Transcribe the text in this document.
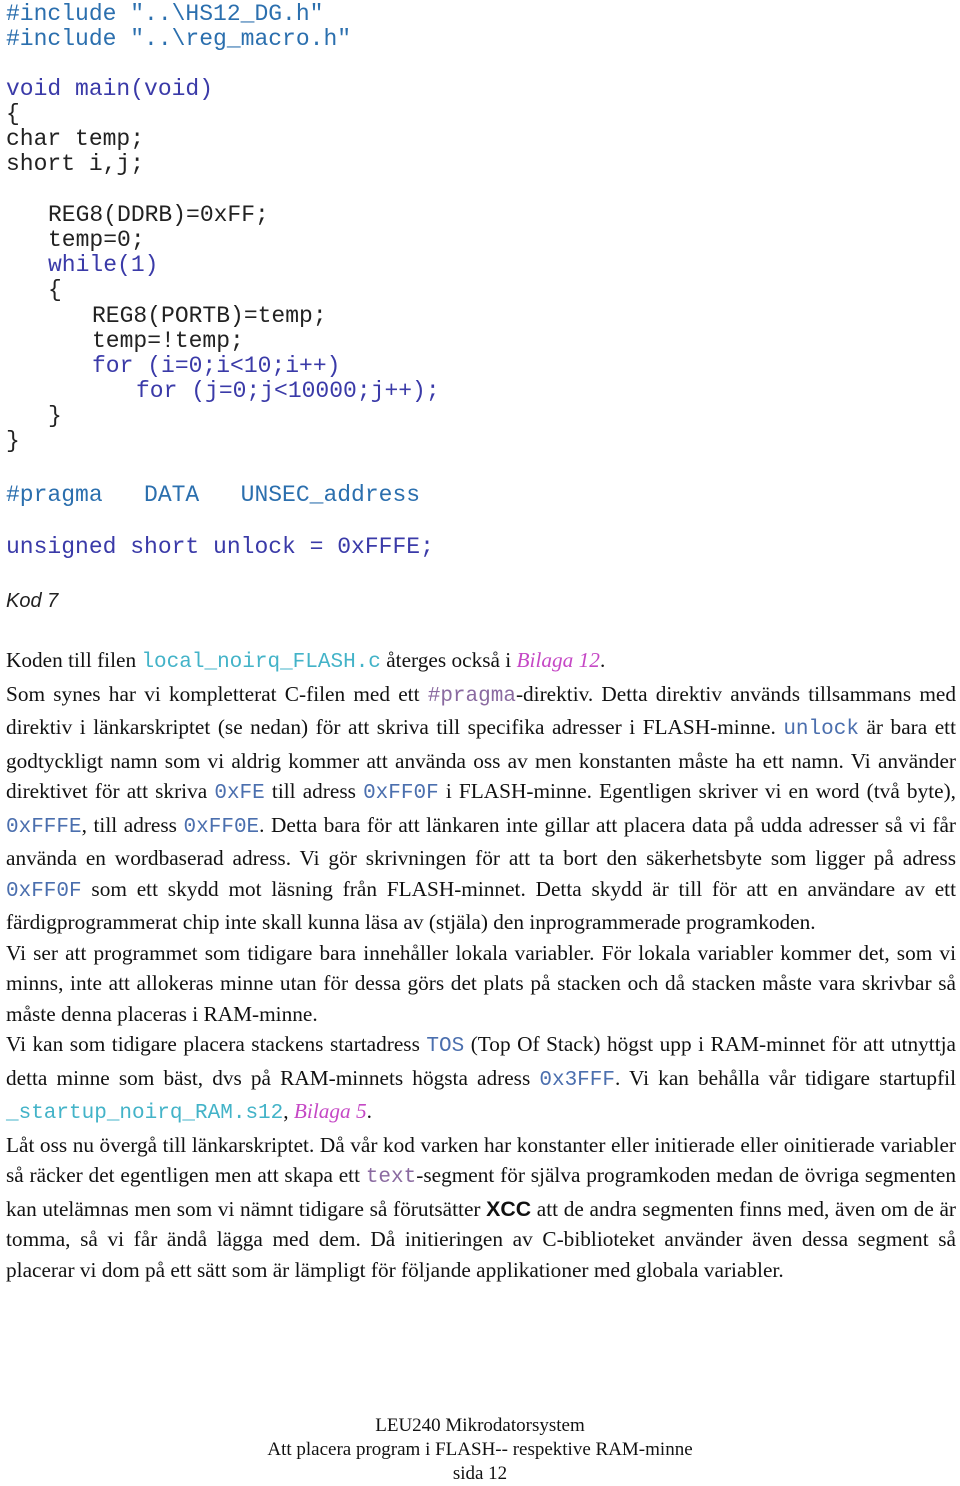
#include "..\HS12_DG.h"
#include "..\reg_macro.h"
void main(void)
{
char temp;
short i,j;
REG8(DDRB)=0xFF;
temp=0;
while(1)
{
REG8(PORTB)=temp;
temp=!temp;
for (i=0;i<10;i++)
for (j=0;j<10000;j++);
}
}
#pragma   DATA   UNSEC_address
unsigned short unlock = 0xFFFE;
Kod 7

Koden till filen local_noirq_FLASH.c återges också i Bilaga 12.

Som synes har vi kompletterat C-filen med ett #pragma-direktiv. Detta direktiv används tillsammans med direktiv i länkarskriptet (se nedan) för att skriva till specifika adresser i FLASH-minne. unlock är bara ett godtyckligt namn som vi aldrig kommer att använda oss av men konstanten måste ha ett namn. Vi använder direktivet för att skriva 0xFE till adress 0xFF0F i FLASH-minne. Egentligen skriver vi en word (två byte), 0xFFFE, till adress 0xFF0E. Detta bara för att länkaren inte gillar att placera data på udda adresser så vi får använda en wordbaserad adress. Vi gör skrivningen för att ta bort den säkerhetsbyte som ligger på adress 0xFF0F som ett skydd mot läsning från FLASH-minnet. Detta skydd är till för att en användare av ett färdigprogrammerat chip inte skall kunna läsa av (stjäla) den inprogrammerade programkoden.

Vi ser att programmet som tidigare bara innehåller lokala variabler. För lokala variabler kommer det, som vi minns, inte att allokeras minne utan för dessa görs det plats på stacken och då stacken måste vara skrivbar så måste denna placeras i RAM-minne.

Vi kan som tidigare placera stackens startadress TOS (Top Of Stack) högst upp i RAM-minnet för att utnyttja detta minne som bäst, dvs på RAM-minnets högsta adress 0x3FFF. Vi kan behålla vår tidigare startupfil _startup_noirq_RAM.s12, Bilaga 5.

Låt oss nu övergå till länkarskriptet. Då vår kod varken har konstanter eller initierade eller oinitierade variabler så räcker det egentligen men att skapa ett text-segment för själva programkoden medan de övriga segmenten kan utelämnas men som vi nämnt tidigare så förutsätter XCC att de andra segmenten finns med, även om de är tomma, så vi får ändå lägga med dem. Då initieringen av C-biblioteket använder även dessa segment så placerar vi dom på ett sätt som är lämpligt för följande applikationer med globala variabler.

LEU240 Mikrodatorsystem
Att placera program i FLASH-- respektive RAM-minne
sida 12
